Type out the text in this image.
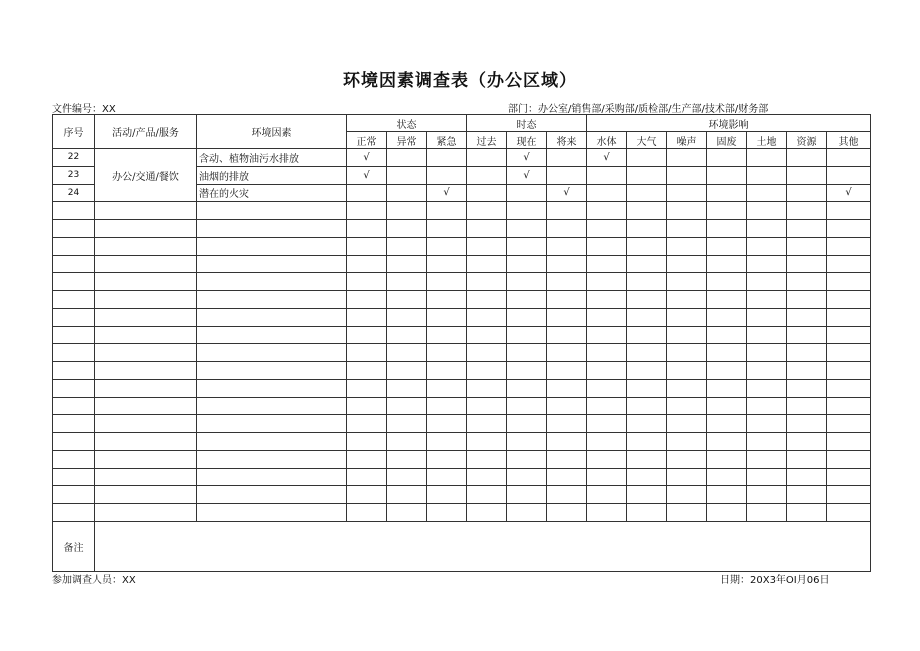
环境因素调查表（办公区域）
文件编号：XX	部门：办公室/销售部/采购部/质检部/生产部/技术部/财务部
序号	活动/产品/服务	环境因素	状态			时态			环境影响						
			正常	异常	紧急	过去	现在	将来	水体	大气	噪声	固废	土地	资源	其他
22	办公/交通/餐饮	含动、植物油污水排放	√				√		√						
23		油烟的排放	√				√								
24		潜在的火灾			√			√							√

备注															
参加调查人员：XX	日期：20X3年OI月06日
